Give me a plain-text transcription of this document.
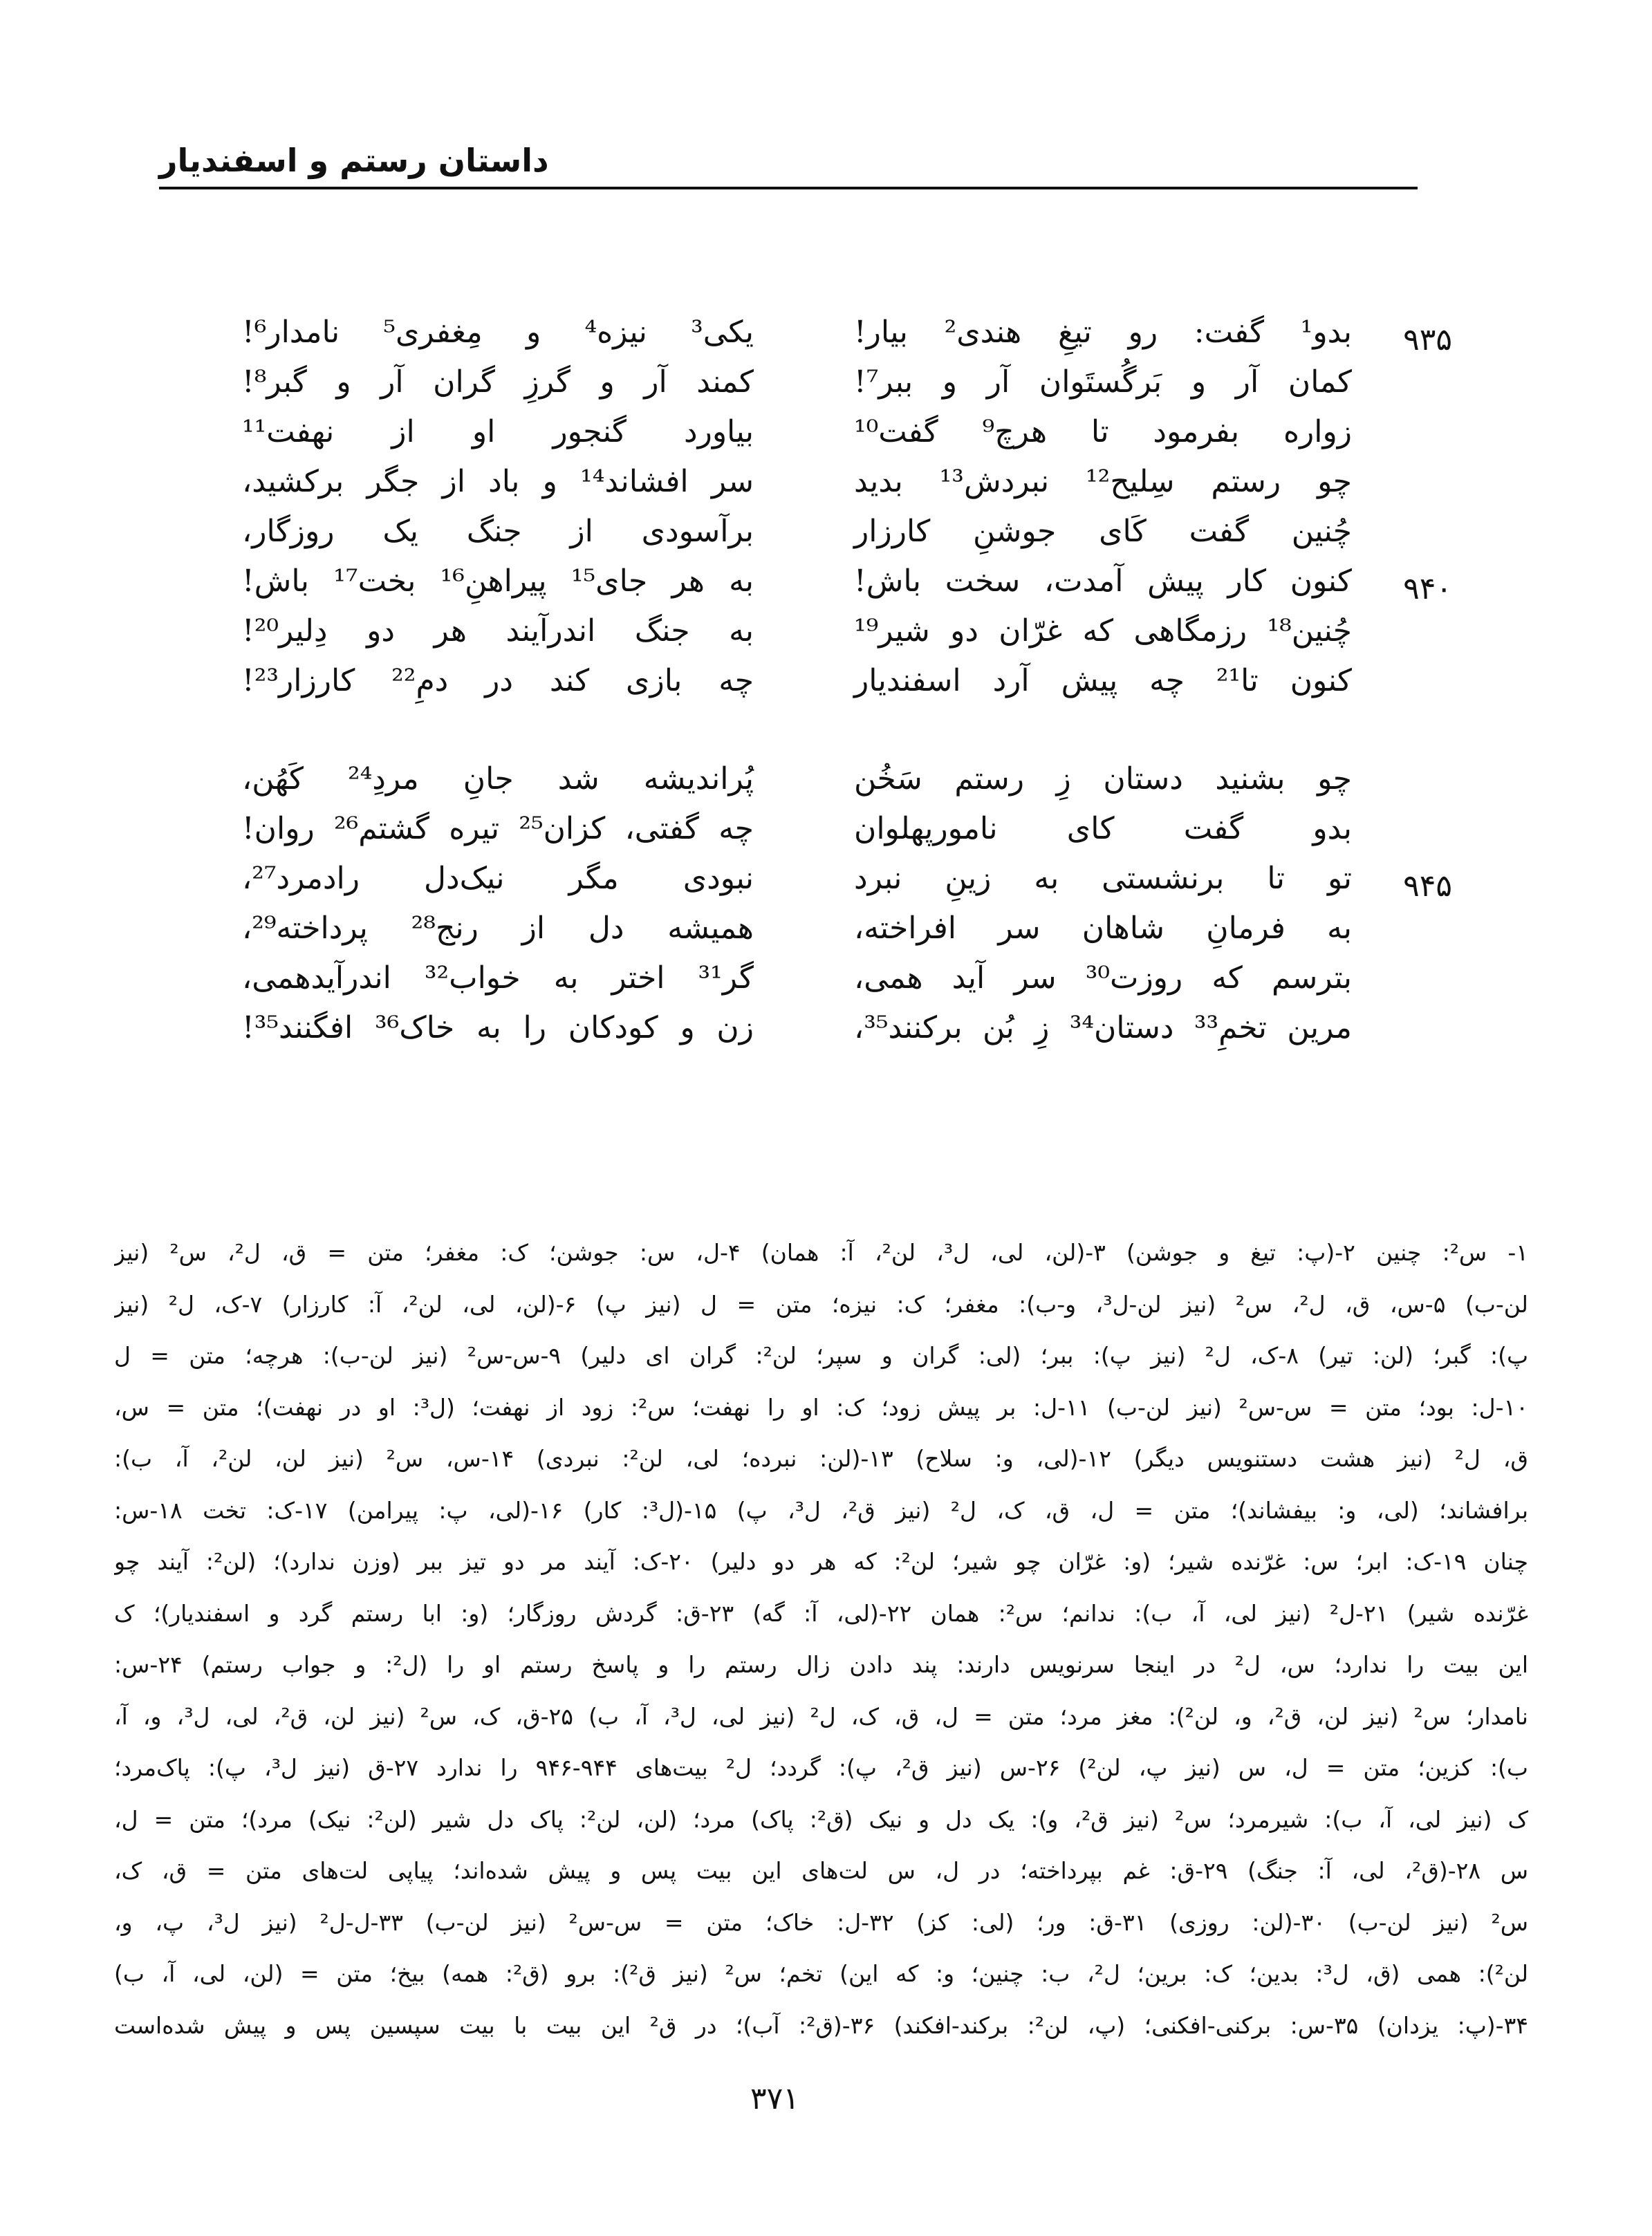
داستان رستم و اسفندیار
۹۳۵
بدو¹ گفت: رو تیغِ هندی² بیار!
یکی³ نیزه⁴ و مِغفری⁵ نامدار⁶!
کمان آر و بَرگُستَوان آر و ببر⁷!
کمند آر و گرزِ گران آر و گبر⁸!
زواره بفرمود تا هرچ⁹ گفت¹⁰
بیاورد گنجور او از نهفت¹¹
چو رستم سِلیح¹² نبردش¹³ بدید
سر افشاند¹⁴ و باد از جگر برکشید،
چُنین گفت کَای جوشنِ کارزار
برآسودی از جنگ یک روزگار،
۹۴۰
کنون کار پیش آمدت، سخت باش!
به هر جای¹⁵ پیراهنِ¹⁶ بخت¹⁷ باش!
چُنین¹⁸ رزمگاهی که غرّان دو شیر¹⁹
به جنگ اندرآیند هر دو دِلیر²⁰!
کنون تا²¹ چه پیش آرد اسفندیار
چه بازی کند در دمِ²² کارزار²³!
چو بشنید دستان زِ رستم سَخُن
پُراندیشه شد جانِ مردِ²⁴ کَهُن،
بدو گفت کای نامورپهلوان
چه گفتی، کزان²⁵ تیره گشتم²⁶ روان!
۹۴۵
تو تا برنشستی به زینِ نبرد
نبودی مگر نیک‌دل رادمرد²⁷،
به فرمانِ شاهان سر افراخته،
همیشه دل از رنج²⁸ پرداخته²⁹،
بترسم که روزت³⁰ سر آید همی،
گر³¹ اختر به خواب³² اندرآیدهمی،
مرین تخمِ³³ دستان³⁴ زِ بُن برکنند³⁵،
زن و کودکان را به خاک³⁶ افگنند³⁵!
۱- س²: چنین ۲-(پ: تیغ و جوشن) ۳-(لن، لی، ل³، لن²، آ: همان) ۴-ل، س: جوشن؛ ک: مغفر؛ متن = ق، ل²، س² (نیز
لن-ب) ۵-س، ق، ل²، س² (نیز لن-ل³، و-ب): مغفر؛ ک: نیزه؛ متن = ل (نیز پ) ۶-(لن، لی، لن²، آ: کارزار) ۷-ک، ل² (نیز
پ): گبر؛ (لن: تیر) ۸-ک، ل² (نیز پ): ببر؛ (لی: گران و سپر؛ لن²: گران ای دلیر) ۹-س-س² (نیز لن-ب): هرچه؛ متن = ل
۱۰-ل: بود؛ متن = س-س² (نیز لن-ب) ۱۱-ل: بر پیش زود؛ ک: او را نهفت؛ س²: زود از نهفت؛ (ل³: او در نهفت)؛ متن = س،
ق، ل² (نیز هشت دستنویس دیگر) ۱۲-(لی، و: سلاح) ۱۳-(لن: نبرده؛ لی، لن²: نبردی) ۱۴-س، س² (نیز لن، لن²، آ، ب):
برافشاند؛ (لی، و: بیفشاند)؛ متن = ل، ق، ک، ل² (نیز ق²، ل³، پ) ۱۵-(ل³: کار) ۱۶-(لی، پ: پیرامن) ۱۷-ک: تخت ۱۸-س:
چنان ۱۹-ک: ابر؛ س: غرّنده شیر؛ (و: غرّان چو شیر؛ لن²: که هر دو دلیر) ۲۰-ک: آیند مر دو تیز ببر (وزن ندارد)؛ (لن²: آیند چو
غرّنده شیر) ۲۱-ل² (نیز لی، آ، ب): ندانم؛ س²: همان ۲۲-(لی، آ: گه) ۲۳-ق: گردش روزگار؛ (و: ابا رستم گرد و اسفندیار)؛ ک
این بیت را ندارد؛ س، ل² در اینجا سرنویس دارند: پند دادن زال رستم را و پاسخ رستم او را (ل²: و جواب رستم) ۲۴-س:
نامدار؛ س² (نیز لن، ق²، و، لن²): مغز مرد؛ متن = ل، ق، ک، ل² (نیز لی، ل³، آ، ب) ۲۵-ق، ک، س² (نیز لن، ق²، لی، ل³، و، آ،
ب): کزین؛ متن = ل، س (نیز پ، لن²) ۲۶-س (نیز ق²، پ): گردد؛ ل² بیت‌های ۹۴۴-۹۴۶ را ندارد ۲۷-ق (نیز ل³، پ): پاک‌مرد؛
ک (نیز لی، آ، ب): شیرمرد؛ س² (نیز ق²، و): یک دل و نیک (ق²: پاک) مرد؛ (لن، لن²: پاک دل شیر (لن²: نیک) مرد)؛ متن = ل،
س ۲۸-(ق²، لی، آ: جنگ) ۲۹-ق: غم بپرداخته؛ در ل، س لت‌های این بیت پس و پیش شده‌اند؛ پیاپی لت‌های متن = ق، ک،
س² (نیز لن-ب) ۳۰-(لن: روزی) ۳۱-ق: ور؛ (لی: کز) ۳۲-ل: خاک؛ متن = س-س² (نیز لن-ب) ۳۳-ل-ل² (نیز ل³، پ، و،
لن²): همی (ق، ل³: بدین؛ ک: برین؛ ل²، ب: چنین؛ و: که این) تخم؛ س² (نیز ق²): برو (ق²: همه) بیخ؛ متن = (لن، لی، آ، ب)
۳۴-(پ: یزدان) ۳۵-س: برکنی-افکنی؛ (پ، لن²: برکند-افکند) ۳۶-(ق²: آب)؛ در ق² این بیت با بیت سپسین پس و پیش شده‌است
۳۷۱
